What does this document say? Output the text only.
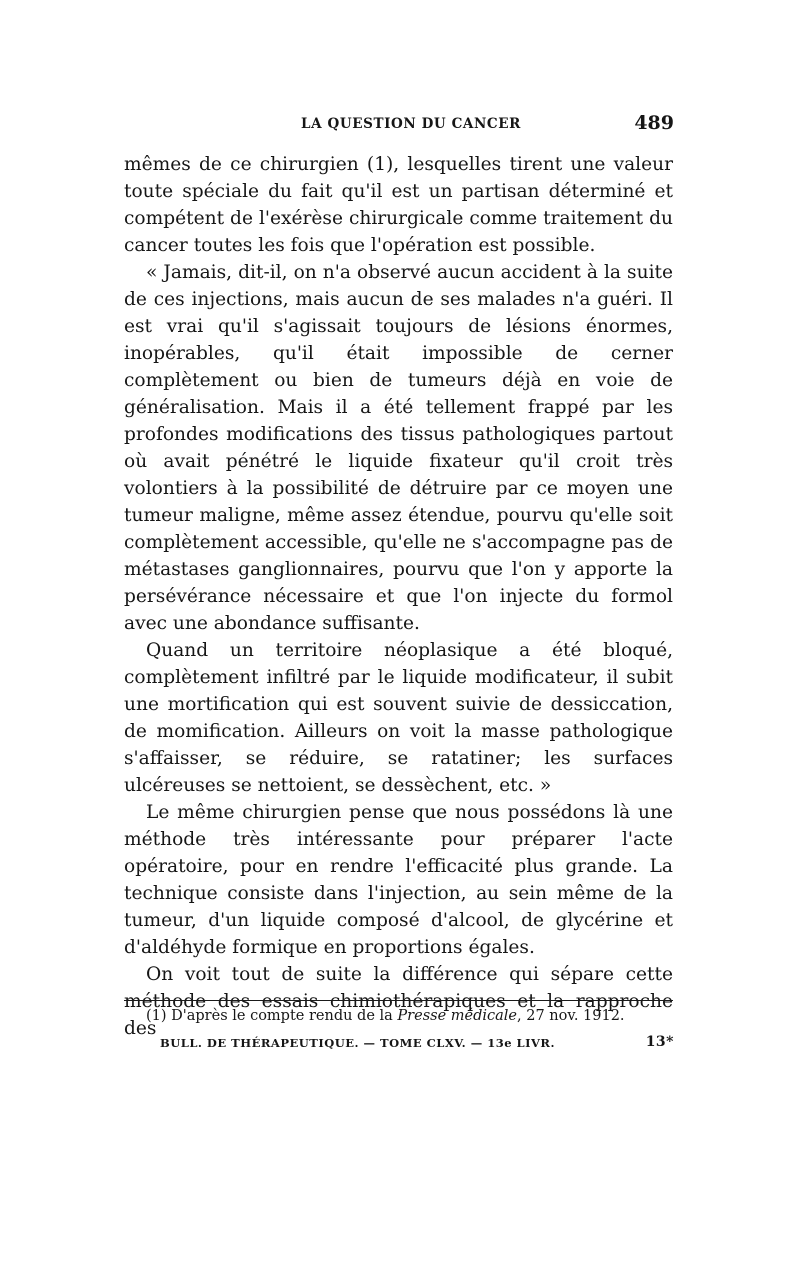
LA QUESTION DU CANCER	489

mêmes de ce chirurgien (1), lesquelles tirent une valeur toute spéciale du fait qu'il est un partisan déterminé et compétent de l'exérèse chirurgicale comme traitement du cancer toutes les fois que l'opération est possible.

« Jamais, dit-il, on n'a observé aucun accident à la suite de ces injections, mais aucun de ses malades n'a guéri. Il est vrai qu'il s'agissait toujours de lésions énormes, inopérables, qu'il était impossible de cerner complètement ou bien de tumeurs déjà en voie de généralisation. Mais il a été tellement frappé par les profondes modifications des tissus pathologiques partout où avait pénétré le liquide fixateur qu'il croit très volontiers à la possibilité de détruire par ce moyen une tumeur maligne, même assez étendue, pourvu qu'elle soit complètement accessible, qu'elle ne s'accompagne pas de métastases ganglionnaires, pourvu que l'on y apporte la persévérance nécessaire et que l'on injecte du formol avec une abondance suffisante.

Quand un territoire néoplasique a été bloqué, complètement infiltré par le liquide modificateur, il subit une mortification qui est souvent suivie de dessiccation, de momification. Ailleurs on voit la masse pathologique s'affaisser, se réduire, se ratatiner; les surfaces ulcéreuses se nettoient, se dessèchent, etc. »

Le même chirurgien pense que nous possédons là une méthode très intéressante pour préparer l'acte opératoire, pour en rendre l'efficacité plus grande. La technique consiste dans l'injection, au sein même de la tumeur, d'un liquide composé d'alcool, de glycérine et d'aldéhyde formique en proportions égales.

On voit tout de suite la différence qui sépare cette méthode des essais chimiothérapiques et la rapproche des

(1) D'après le compte rendu de la Presse médicale, 27 nov. 1912.
BULL. DE THÉRAPEUTIQUE. — TOME CLXV. — 13e LIVR.	13*
